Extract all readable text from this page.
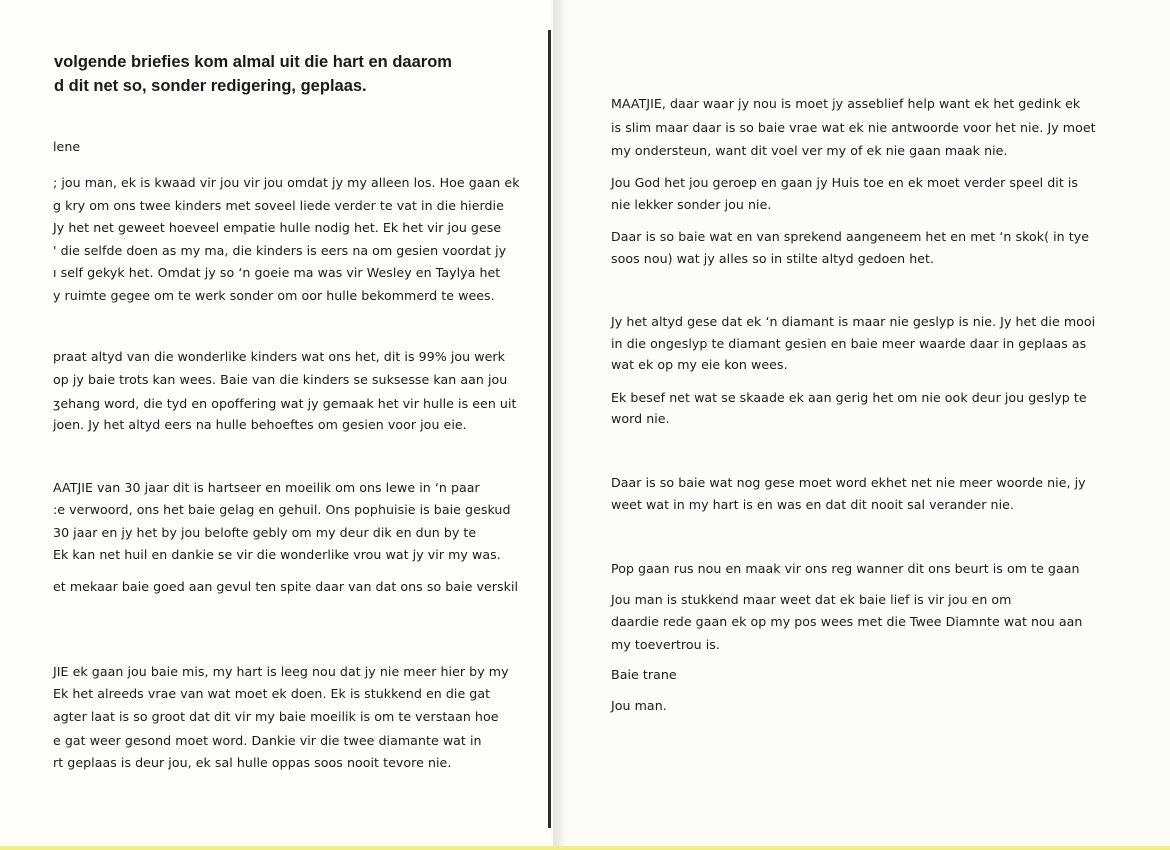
volgende briefies kom almal uit die hart en daarom
d dit net so, sonder redigering, geplaas.
lene
; jou man, ek is kwaad vir jou vir jou omdat jy my alleen los. Hoe gaan ek
g kry om ons twee kinders met soveel liede verder te vat in die hierdie
Jy het net geweet hoeveel empatie hulle nodig het. Ek het vir jou gese
' die selfde doen as my ma, die kinders is eers na om gesien voordat jy
ı self gekyk het. Omdat jy so ‘n goeie ma was vir Wesley en Taylya het
y ruimte gegee om te werk sonder om oor hulle bekommerd te wees.
praat altyd van die wonderlike kinders wat ons het, dit is 99% jou werk
op jy baie trots kan wees. Baie van die kinders se suksesse kan aan jou
ʒehang word, die tyd en opoffering wat jy gemaak het vir hulle is een uit
joen. Jy het altyd eers na hulle behoeftes om gesien voor jou eie.
AATJIE van 30 jaar dit is hartseer en moeilik om ons lewe in ‘n paar
:e verwoord, ons het baie gelag en gehuil. Ons pophuisie is baie geskud
30 jaar en jy het by jou belofte gebly om my deur dik en dun by te
Ek kan net huil en dankie se vir die wonderlike vrou wat jy vir my was.
et mekaar baie goed aan gevul ten spite daar van dat ons so baie verskil
JIE ek gaan jou baie mis, my hart is leeg nou dat jy nie meer hier by my
Ek het alreeds vrae van wat moet ek doen. Ek is stukkend en die gat
agter laat is so groot dat dit vir my baie moeilik is om te verstaan hoe
e gat weer gesond moet word. Dankie vir die twee diamante wat in
rt geplaas is deur jou, ek sal hulle oppas soos nooit tevore nie.
MAATJIE, daar waar jy nou is moet jy asseblief help want ek het gedink ek
is slim maar daar is so baie vrae wat ek nie antwoorde voor het nie. Jy moet
my ondersteun, want dit voel ver my of ek nie gaan maak nie.
Jou God het jou geroep en gaan jy Huis toe en ek moet verder speel dit is
nie lekker sonder jou nie.
Daar is so baie wat en van sprekend aangeneem het en met ‘n skok( in tye
soos nou) wat jy alles so in stilte altyd gedoen het.
Jy het altyd gese dat ek ‘n diamant is maar nie geslyp is nie. Jy het die mooi
in die ongeslyp te diamant gesien en baie meer waarde daar in geplaas as
wat ek op my eie kon wees.
Ek besef net wat se skaade ek aan gerig het om nie ook deur jou geslyp te
word nie.
Daar is so baie wat nog gese moet word ekhet net nie meer woorde nie, jy
weet wat in my hart is en was en dat dit nooit sal verander nie.
Pop gaan rus nou en maak vir ons reg wanner dit ons beurt is om te gaan
Jou man is stukkend maar weet dat ek baie lief is vir jou en om
daardie rede gaan ek op my pos wees met die Twee Diamnte wat nou aan
my toevertrou is.
Baie trane
Jou man.
